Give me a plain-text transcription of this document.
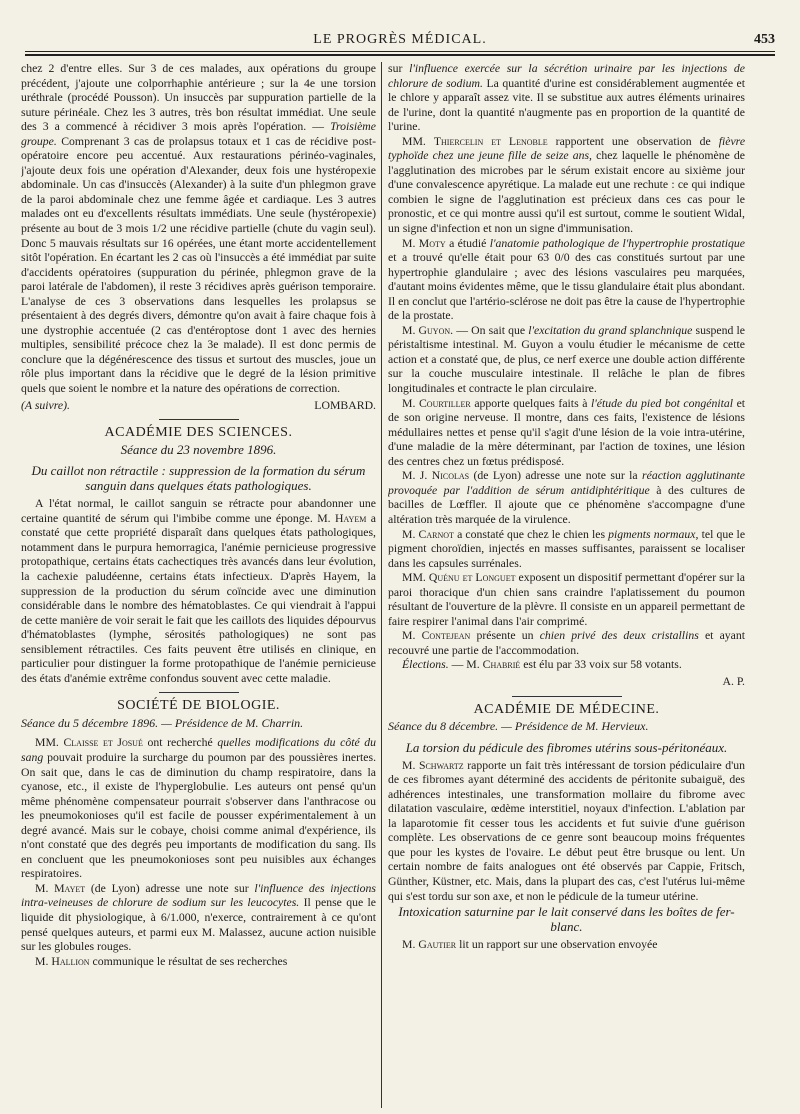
LE PROGRÈS MÉDICAL.	453

chez 2 d'entre elles. Sur 3 de ces malades, aux opérations du groupe précédent, j'ajoute une colporrhaphie antérieure ; sur la 4e une torsion uréthrale (procédé Pousson). Un insuccès par suppuration partielle de la suture périnéale. Chez les 3 autres, très bon résultat immédiat. Une seule des 3 a commencé à récidiver 3 mois après l'opération. — Troisième groupe. Comprenant 3 cas de prolapsus totaux et 1 cas de récidive post-opératoire encore peu accentué. Aux restaurations périnéo-vaginales, j'ajoute deux fois une opération d'Alexander, deux fois une hystéropexie abdominale. Un cas d'insuccès (Alexander) à la suite d'un phlegmon grave de la paroi abdominale chez une femme âgée et cardiaque. Les 3 autres malades ont eu d'excellents résultats immédiats. Une seule (hystéropexie) présente au bout de 3 mois 1/2 une récidive partielle (chute du vagin seul). Donc 5 mauvais résultats sur 16 opérées, une étant morte accidentellement sitôt l'opération. En écartant les 2 cas où l'insuccès a été immédiat par suite d'accidents opératoires (suppuration du périnée, phlegmon grave de la paroi latérale de l'abdomen), il reste 3 récidives après guérison temporaire. L'analyse de ces 3 observations dans lesquelles les prolapsus se présentaient à des degrés divers, démontre qu'on avait à faire chaque fois à une dystrophie accentuée (2 cas d'entéroptose dont 1 avec des hernies multiples, sensibilité précoce chez la 3e malade). Il est donc permis de conclure que la dégénérescence des tissus et surtout des muscles, joue un rôle plus important dans la récidive que le degré de la lésion primitive quels que soient le nombre et la nature des opérations de correction.

(A suivre).	LOMBARD.
ACADÉMIE DES SCIENCES.
Séance du 23 novembre 1896.
Du caillot non rétractile : suppression de la formation du sérum sanguin dans quelques états pathologiques.

A l'état normal, le caillot sanguin se rétracte pour abandonner une certaine quantité de sérum qui l'imbibe comme une éponge. M. Hayem a constaté que cette propriété disparaît dans quelques états pathologiques, notamment dans le purpura hemorragica, l'anémie pernicieuse progressive protopathique, certains états cachectiques très avancés dans leur évolution, la cachexie paludéenne, certains états infectieux. D'après Hayem, la suppression de la production du sérum coïncide avec une diminution considérable dans le nombre des hématoblastes. Ce qui viendrait à l'appui de cette manière de voir serait le fait que les caillots des liquides dépourvus d'hématoblastes (lymphe, sérosités pathologiques) ne sont pas sensiblement rétractiles. Ces faits peuvent être utilisés en clinique, en particulier pour distinguer la forme protopathique de l'anémie pernicieuse des états d'anémie extrême confondus souvent avec cette maladie.

SOCIÉTÉ DE BIOLOGIE.
Séance du 5 décembre 1896. — Présidence de M. Charrin.

MM. Claisse et Josué ont recherché quelles modifications du côté du sang pouvait produire la surcharge du poumon par des poussières inertes. On sait que, dans le cas de diminution du champ respiratoire, dans la cyanose, etc., il existe de l'hyperglobulie. Les auteurs ont pensé qu'un même phénomène compensateur pourrait s'observer dans l'anthracose ou les pneumokonioses qu'il est facile de pousser expérimentalement à un degré avancé. Mais sur le cobaye, choisi comme animal d'expérience, ils n'ont constaté que des degrés peu importants de modification du sang. Ils en concluent que les pneumokonioses sont peu nuisibles aux échanges respiratoires.

M. Mayet (de Lyon) adresse une note sur l'influence des injections intra-veineuses de chlorure de sodium sur les leucocytes. Il pense que le liquide dit physiologique, à 6/1.000, n'exerce, contrairement à ce qu'ont pensé quelques auteurs, et parmi eux M. Malassez, aucune action nuisible sur les globules rouges.

M. Hallion communique le résultat de ses recherches

sur l'influence exercée sur la sécrétion urinaire par les injections de chlorure de sodium. La quantité d'urine est considérablement augmentée et le chlore y apparaît assez vite. Il se substitue aux autres éléments urinaires de l'urine, dont la quantité n'augmente pas en proportion de la quantité de l'urine.

MM. Thiercelin et Lenoble rapportent une observation de fièvre typhoïde chez une jeune fille de seize ans, chez laquelle le phénomène de l'agglutination des microbes par le sérum existait encore au sixième jour d'une convalescence apyrétique. La malade eut une rechute : ce qui indique combien le signe de l'agglutination est précieux dans ces cas pour le pronostic, et ce qui montre aussi qu'il est surtout, comme le soutient Widal, un signe d'infection et non un signe d'immunisation.

M. Moty a étudié l'anatomie pathologique de l'hypertrophie prostatique et a trouvé qu'elle était pour 63 0/0 des cas constitués surtout par une hypertrophie glandulaire ; avec des lésions vasculaires peu marquées, d'autant moins évidentes même, que le tissu glandulaire était plus abondant. Il en conclut que l'artério-sclérose ne doit pas être la cause de l'hypertrophie de la prostate.

M. Guyon. — On sait que l'excitation du grand splanchnique suspend le péristaltisme intestinal. M. Guyon a voulu étudier le mécanisme de cette action et a constaté que, de plus, ce nerf exerce une double action différente sur la couche musculaire intestinale. Il relâche le plan de fibres longitudinales et contracte le plan circulaire.

M. Courtiller apporte quelques faits à l'étude du pied bot congénital et de son origine nerveuse. Il montre, dans ces faits, l'existence de lésions médullaires nettes et pense qu'il s'agit d'une lésion de la voie intra-utérine, d'une maladie de la mère déterminant, par l'action de toxines, une lésion des centres chez un fœtus prédisposé.

M. J. Nicolas (de Lyon) adresse une note sur la réaction agglutinante provoquée par l'addition de sérum antidiphtéritique à des cultures de bacilles de Lœffler. Il ajoute que ce phénomène s'accompagne d'une altération très marquée de la virulence.

M. Carnot a constaté que chez le chien les pigments normaux, tel que le pigment choroïdien, injectés en masses suffisantes, paraissent se localiser dans les capsules surrénales.

MM. Quénu et Longuet exposent un dispositif permettant d'opérer sur la paroi thoracique d'un chien sans craindre l'aplatissement du poumon résultant de l'ouverture de la plèvre. Il consiste en un appareil permettant de faire respirer l'animal dans l'air comprimé.

M. Contejean présente un chien privé des deux cristallins et ayant recouvré une partie de l'accommodation.

Élections. — M. Chabrié est élu par 33 voix sur 58 votants.

A. P.
ACADÉMIE DE MÉDECINE.
Séance du 8 décembre. — Présidence de M. Hervieux.
La torsion du pédicule des fibromes utérins sous-péritonéaux.

M. Schwartz rapporte un fait très intéressant de torsion pédiculaire d'un de ces fibromes ayant déterminé des accidents de péritonite subaiguë, des adhérences intestinales, une transformation mollaire du fibrome avec dilatation vasculaire, œdème interstitiel, noyaux d'infection. L'ablation par la laparotomie fit cesser tous les accidents et fut suivie d'une guérison complète. Les observations de ce genre sont beaucoup moins fréquentes que pour les kystes de l'ovaire. Le début peut être brusque ou lent. Un certain nombre de faits analogues ont été observés par Cappie, Fritsch, Günther, Küstner, etc. Mais, dans la plupart des cas, c'est l'utérus lui-même qui s'est tordu sur son axe, et non le pédicule de la tumeur utérine.

Intoxication saturnine par le lait conservé dans les boîtes de fer-blanc.

M. Gautier lit un rapport sur une observation envoyée
